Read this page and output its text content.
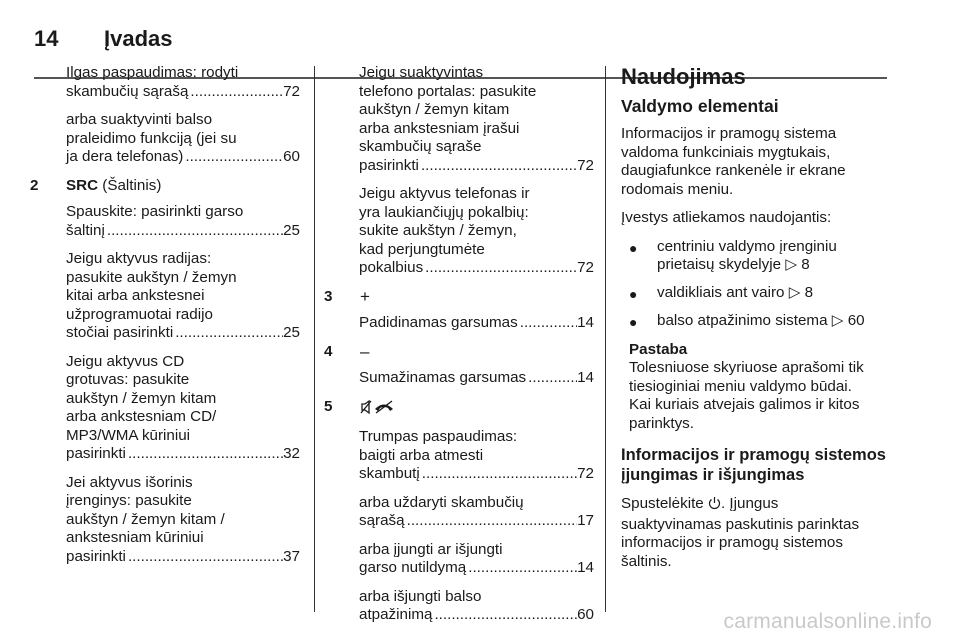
14 Įvadas
Ilgas paspaudimas: rodyti
skambučių sąrašą .....	72
arba suaktyvinti balso
praleidimo funkciją (jei su
ja dera telefonas) .....	60
2	SRC (Šaltinis)
Spauskite: pasirinkti garso
šaltinį .....	25
Jeigu aktyvus radijas:
pasukite aukštyn / žemyn
kitai arba ankstesnei
užprogramuotai radijo
stočiai pasirinkti .....	25
Jeigu aktyvus CD
grotuvas: pasukite
aukštyn / žemyn kitam
arba ankstesniam CD/
MP3/WMA kūriniui
pasirinkti .....	32
Jei aktyvus išorinis
įrenginys: pasukite
aukštyn / žemyn kitam /
ankstesniam kūriniui
pasirinkti .....	37
Jeigu suaktyvintas
telefono portalas: pasukite
aukštyn / žemyn kitam
arba ankstesniam įrašui
skambučių sąraše
pasirinkti .....	72
Jeigu aktyvus telefonas ir
yra laukiančiųjų pokalbių:
sukite aukštyn / žemyn,
kad perjungtumėte
pokalbius .....	72
3	+
Padidinamas garsumas .....	14
4	–
Sumažinamas garsumas .....	14
5
Trumpas paspaudimas:
baigti arba atmesti
skambutį .....	72
arba uždaryti skambučių
sąrašą .....	17
arba įjungti ar išjungti
garso nutildymą .....	14
arba išjungti balso
atpažinimą .....	60
Naudojimas
Valdymo elementai
Informacijos ir pramogų sistema
valdoma funkciniais mygtukais,
daugiafunkce rankenėle ir ekrane
rodomais meniu.
Įvestys atliekamos naudojantis:
●	centriniu valdymo įrenginiu
prietaisų skydelyje ▷ 8
●	valdikliais ant vairo ▷ 8
●	balso atpažinimo sistema ▷ 60
Pastaba
Tolesniuose skyriuose aprašomi tik
tiesioginiai meniu valdymo būdai.
Kai kuriais atvejais galimos ir kitos
parinktys.
Informacijos ir pramogų sistemos
įjungimas ir išjungimas
Spustelėkite . Įjungus
suaktyvinamas paskutinis parinktas
informacijos ir pramogų sistemos
šaltinis.
carmanualsonline.info
